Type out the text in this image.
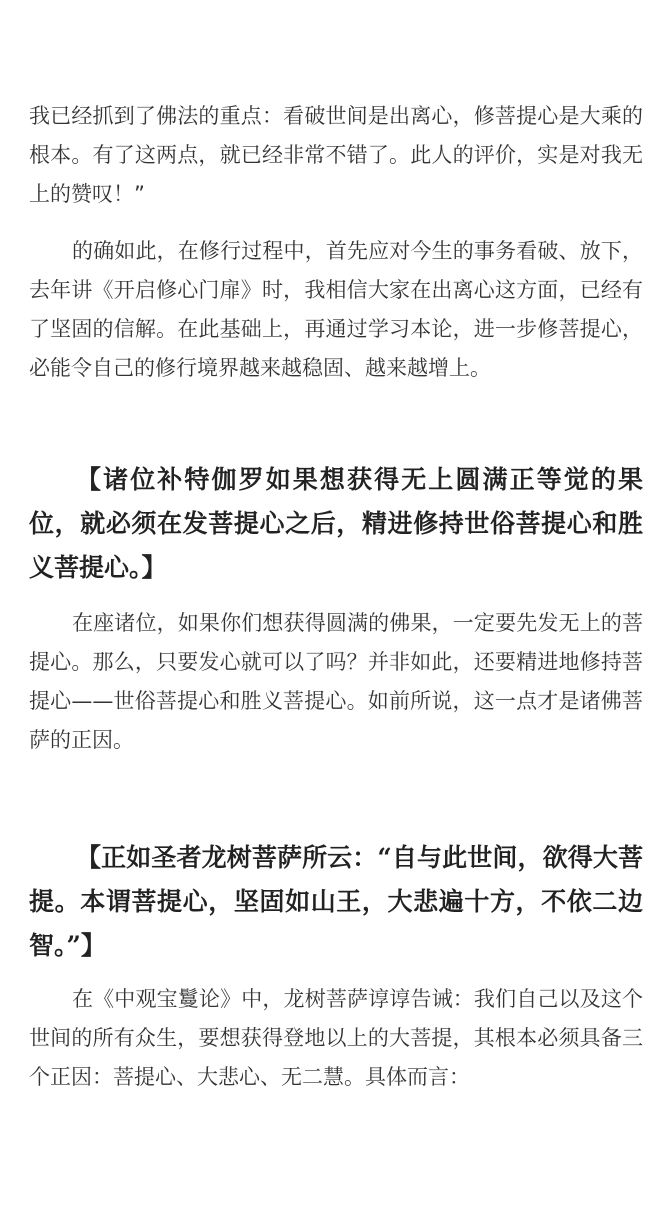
我已经抓到了佛法的重点：看破世间是出离心，修菩提心是大乘的根本。有了这两点，就已经非常不错了。此人的评价，实是对我无上的赞叹！”

的确如此，在修行过程中，首先应对今生的事务看破、放下，去年讲《开启修心门扉》时，我相信大家在出离心这方面，已经有了坚固的信解。在此基础上，再通过学习本论，进一步修菩提心，必能令自己的修行境界越来越稳固、越来越增上。

【诸位补特伽罗如果想获得无上圆满正等觉的果位，就必须在发菩提心之后，精进修持世俗菩提心和胜义菩提心。】

在座诸位，如果你们想获得圆满的佛果，一定要先发无上的菩提心。那么，只要发心就可以了吗？并非如此，还要精进地修持菩提心——世俗菩提心和胜义菩提心。如前所说，这一点才是诸佛菩萨的正因。

【正如圣者龙树菩萨所云：“自与此世间，欲得大菩提。本谓菩提心，坚固如山王，大悲遍十方，不依二边智。”】

在《中观宝鬘论》中，龙树菩萨谆谆告诫：我们自己以及这个世间的所有众生，要想获得登地以上的大菩提，其根本必须具备三个正因：菩提心、大悲心、无二慧。具体而言：
